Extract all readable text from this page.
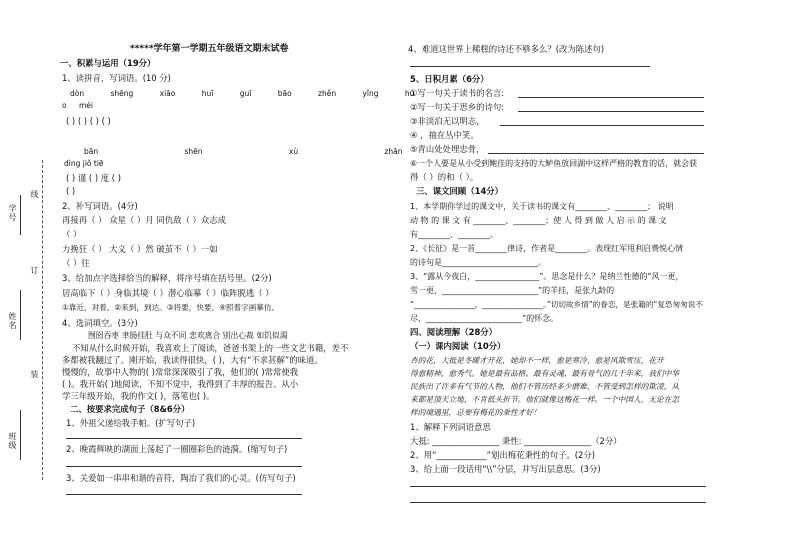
学号
姓名
班级
线
订
装
*****学年第一学期五年级语文期末试卷
一、积累与运用（19分）
1、读拼音，写词语。(10 分)
dòn shēng xiāo huī guī bāo zhěn yǐng hú
o méi
( ) ( ) ( ) ( )
bān shēn xù zhān
dìng jiǒ tiē
( ) 谨 ( ) 度 ( )
( )
2、补写词语。(4分)
再接再（ ） 众星（ ）月 同仇敌（ ）众志成
（ ）
力挽狂（ ） 大义（ ）然 破茧不（ ）一如
（ ）往
3、给加点字选择恰当的解释，将序号填在括号里。(2分)
居高临下（ ）身临其境（ ）潜心临摹（ ）临阵脱逃（ ）
①靠近，对着。②来到，到达。③将要，快要。④照着字画摹仿。
4、选词填空。(3分)
囫囵吞枣 聿肠挂肚 与众不同 悲欢离合 别出心裁 如饥似渴
不知从什么时候开始，我喜欢上了阅读，爸爸书架上的一些文艺书籍，差不
多都被我翻过了。刚开始，我读得很快，( )，大有“不求甚解”的味道。
慢慢的，故事中人物的( )常常深深吸引了我，他们的( )常常使我
( )。我开始( )地阅读，不知不觉中，我得到了丰厚的报告。从小
学三年级开始，我的作文( )，落笔也( )。
二、按要求完成句子（8&6分）
1、外祖父递给我手帕。(扩写句子)
2、晚霞辉映的湖面上荡起了一圈圈彩色的涟漪。(缩写句子)
3、关爱如一串串和谐的音符，陶冶了我们的心灵。(仿写句子)
4、难道这世界上稀糕的诗还不够多么？(改为陈述句)
5、日积月累（6分）
①写一句关于读书的名言:
②写一句关于思乡的诗句:
③非淡泊无以明志，
④ ，抽在丛中笑。
⑤青山处处埋忠骨，
⑥一个人要是从小受到鲍佳的支持的大鲈鱼放回湖中这样严格的教育的话，就会获
得（ ）的和（ ）。
三、课文回顾（14分）
1、本学期你学过的课文中，关于读书的课文有________、________； 说明
动 物 的 课 文 有 ________、________；使 人 得 到 做 人 启 示 的 课 文
有________、________。
2、《长征》是一首________律诗，作者是________。表现红军甩利启费悦心情
的诗句是________________________。
3、“露从今夜白，________________”。思念是什么？是纳兰性德的“风一更，
雪一更，________________________”的羊挂，是张九龄的
“________________，________________。”切切故乡情”的眷恋，是张籍的“复恐匆匆说不
尽，________________________”的怀念。
四、阅读理解（28分）
（一）课内阅读（10分）
杏的花，大抵是冬暖才开花，她却不一样，愈是寒冷，愈是风欺雪压，花开
得愈精神，愈秀气。她是最有品格、最有灵魂、最有骨气的几千年来，我们中华
民族出了许多有气节的人物，他们不管历经多少磨难，不管受到怎样的欺凌，从
来都是顶天立地，不肯低头折节。他们就像这梅花一样。一个中国人，无论在怎
样的境遇里，总要有梅花的秉性才好！
1、解释下列词语意思
大抵: ________________ 秉性: ________________（2分）
2、用“____________”划出梅花秉性的句子。(2分)
3、给上面一段话用“\\”分层，并写出层意思。(3分)
